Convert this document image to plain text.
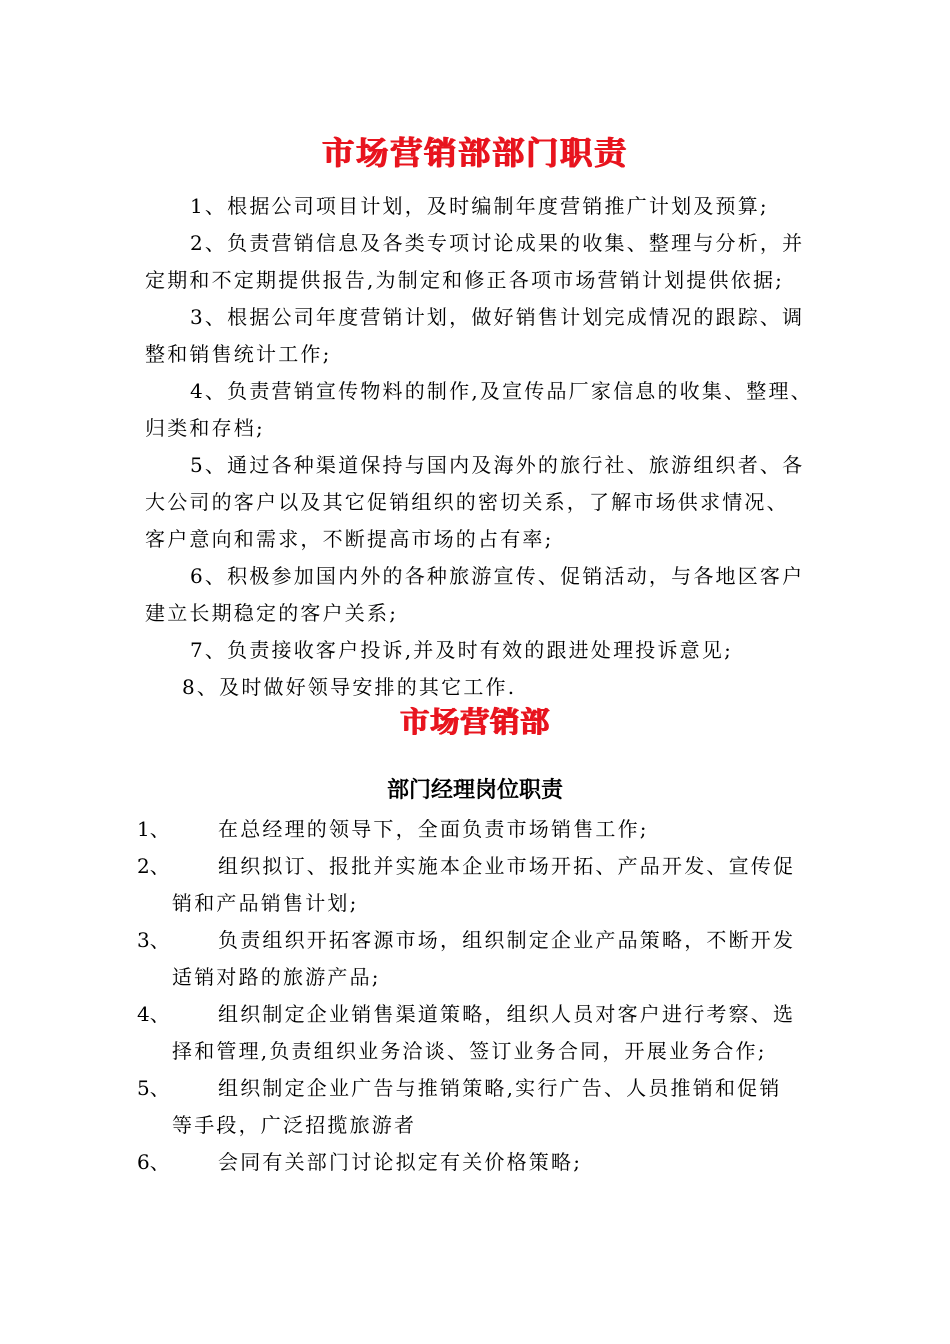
市场营销部部门职责
1、根据公司项目计划，及时编制年度营销推广计划及预算;
2、负责营销信息及各类专项讨论成果的收集、整理与分析，并
定期和不定期提供报告,为制定和修正各项市场营销计划提供依据;
3、根据公司年度营销计划，做好销售计划完成情况的跟踪、调
整和销售统计工作;
4、负责营销宣传物料的制作,及宣传品厂家信息的收集、整理、
归类和存档;
5、通过各种渠道保持与国内及海外的旅行社、旅游组织者、各
大公司的客户以及其它促销组织的密切关系，了解市场供求情况、
客户意向和需求，不断提高市场的占有率;
6、积极参加国内外的各种旅游宣传、促销活动，与各地区客户
建立长期稳定的客户关系;
7、负责接收客户投诉,并及时有效的跟进处理投诉意见;
8、及时做好领导安排的其它工作.
市场营销部
部门经理岗位职责
1、 在总经理的领导下，全面负责市场销售工作;
2、 组织拟订、报批并实施本企业市场开拓、产品开发、宣传促
销和产品销售计划;
3、 负责组织开拓客源市场，组织制定企业产品策略，不断开发
适销对路的旅游产品;
4、 组织制定企业销售渠道策略，组织人员对客户进行考察、选
择和管理,负责组织业务洽谈、签订业务合同，开展业务合作;
5、 组织制定企业广告与推销策略,实行广告、人员推销和促销
等手段，广泛招揽旅游者
6、 会同有关部门讨论拟定有关价格策略;
